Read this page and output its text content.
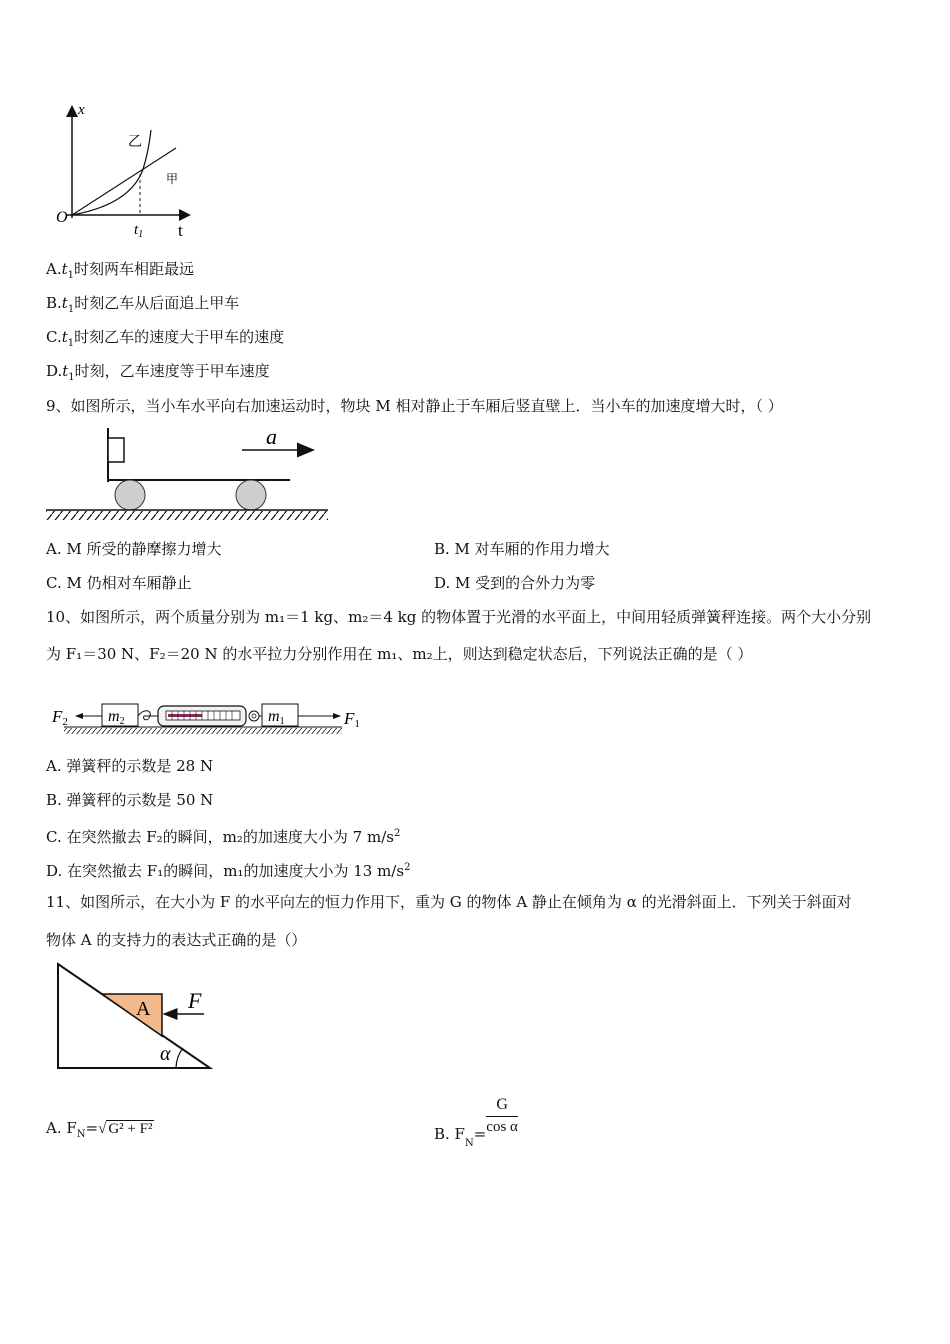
x
t
O
$t_1$
乙
甲
$A.t_1$时刻两车相距最远
$B.t_1$时刻乙车从后面追上甲车
$C.t_1$时刻乙车的速度大于甲车的速度
$D.t_1$时刻，乙车速度等于甲车速度
9、如图所示，当小车水平向右加速运动时，物块 M 相对静止于车厢后竖直壁上．当小车的加速度增大时，（ ）
a
A. M 所受的静摩擦力增大	B. M 对车厢的作用力增大
C. M 仍相对车厢静止	D. M 受到的合外力为零
10、如图所示，两个质量分别为 m₁＝1 kg、m₂＝4 kg 的物体置于光滑的水平面上，中间用轻质弹簧秤连接。两个大小分别
为 F₁＝30 N、F₂＝20 N 的水平拉力分别作用在 m₁、m₂上，则达到稳定状态后，下列说法正确的是（ ）
F2	m2	m1	F1
A. 弹簧秤的示数是 28 N
B. 弹簧秤的示数是 50 N
C. 在突然撤去 F₂的瞬间，m₂的加速度大小为 7 $m/s^2$
D. 在突然撤去 F₁的瞬间，m₁的加速度大小为 13 $m/s^2$
11、如图所示，在大小为 F 的水平向左的恒力作用下，重为 G 的物体 A 静止在倾角为 α 的光滑斜面上．下列关于斜面对
物体 A 的支持力的表达式正确的是（）
A F
α
A. $F_N=√$ G² + F²	B. $F_N= \frac{G}{\text{cos α}}$
